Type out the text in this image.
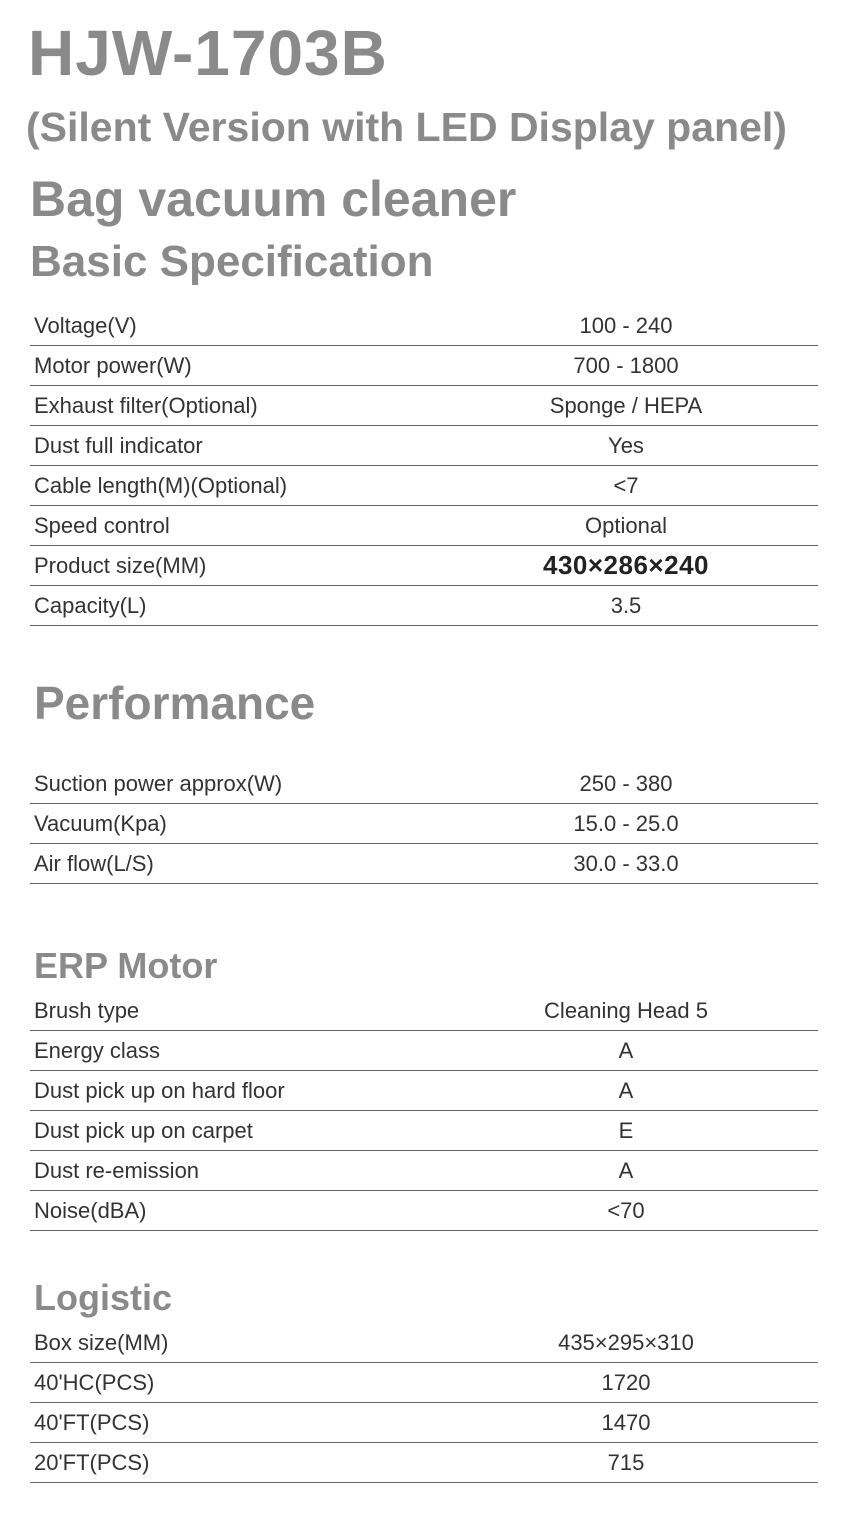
HJW-1703B
(Silent Version with LED Display panel)
Bag vacuum cleaner
Basic Specification
Voltage(V)	100 - 240
Motor power(W)	700 - 1800
Exhaust filter(Optional)	Sponge / HEPA
Dust full indicator	Yes
Cable length(M)(Optional)	<7
Speed control	Optional
Product size(MM)	430×286×240
Capacity(L)	3.5
Performance
Suction power approx(W)	250 - 380
Vacuum(Kpa)	15.0 - 25.0
Air flow(L/S)	30.0 - 33.0
ERP Motor
Brush type	Cleaning Head 5
Energy class	A
Dust pick up on hard floor	A
Dust pick up on carpet	E
Dust re-emission	A
Noise(dBA)	<70
Logistic
Box size(MM)	435×295×310
40'HC(PCS)	1720
40'FT(PCS)	1470
20'FT(PCS)	715
